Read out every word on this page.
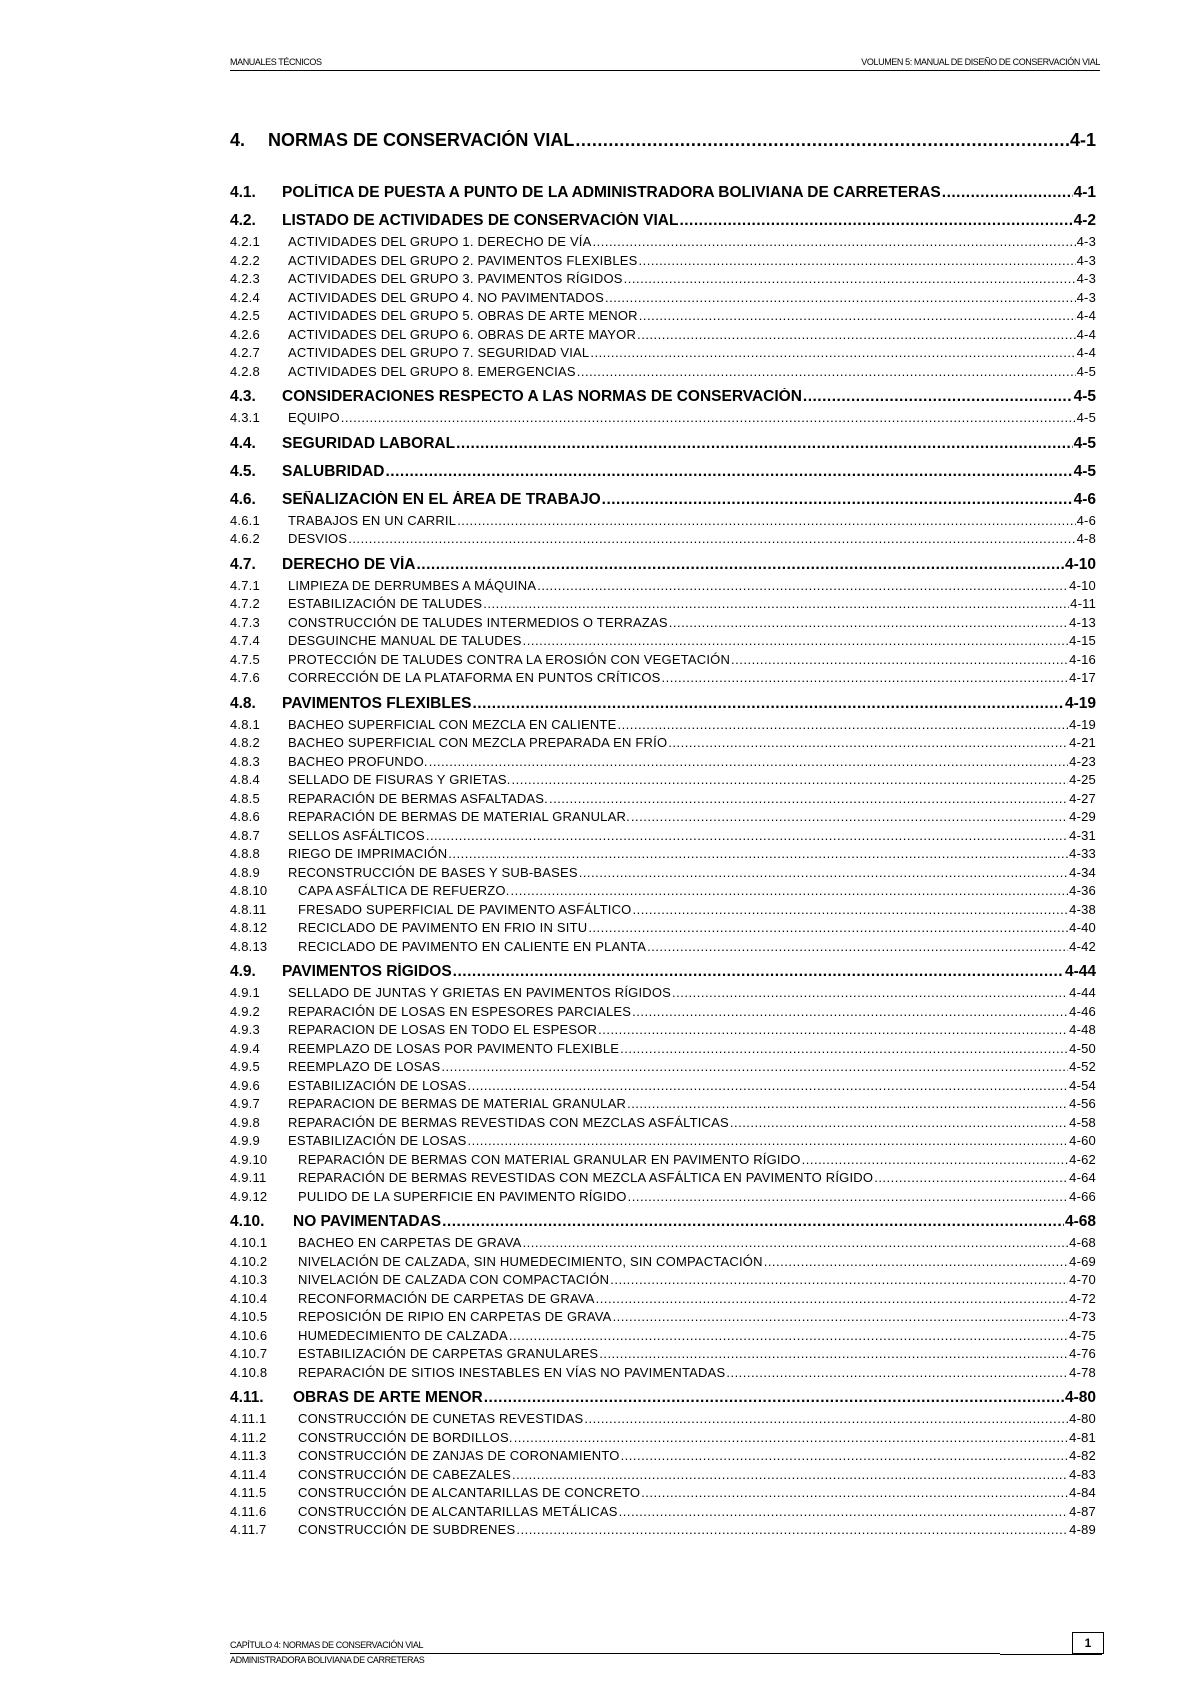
MANUALES TÉCNICOS	VOLUMEN 5: MANUAL DE DISEÑO DE CONSERVACIÓN VIAL
4.	NORMAS DE CONSERVACIÓN VIAL .....	4-1
4.1.	POLÍTICA DE PUESTA A PUNTO DE LA ADMINISTRADORA BOLIVIANA DE CARRETERAS .....	4-1
4.2.	LISTADO DE ACTIVIDADES DE CONSERVACIÓN VIAL .....	4-2
4.2.1	ACTIVIDADES DEL GRUPO 1. DERECHO DE VÍA .....	4-3
4.2.2	ACTIVIDADES DEL GRUPO 2. PAVIMENTOS FLEXIBLES .....	4-3
4.2.3	ACTIVIDADES DEL GRUPO 3. PAVIMENTOS RÍGIDOS .....	4-3
4.2.4	ACTIVIDADES DEL GRUPO 4. NO PAVIMENTADOS .....	4-3
4.2.5	ACTIVIDADES DEL GRUPO 5. OBRAS DE ARTE MENOR .....	4-4
4.2.6	ACTIVIDADES DEL GRUPO 6. OBRAS DE ARTE MAYOR .....	4-4
4.2.7	ACTIVIDADES DEL GRUPO 7. SEGURIDAD VIAL .....	4-4
4.2.8	ACTIVIDADES DEL GRUPO 8. EMERGENCIAS .....	4-5
4.3.	CONSIDERACIONES RESPECTO A LAS NORMAS DE CONSERVACIÓN .....	4-5
4.3.1	EQUIPO .....	4-5
4.4.	SEGURIDAD LABORAL .....	4-5
4.5.	SALUBRIDAD .....	4-5
4.6.	SEÑALIZACIÓN EN EL ÁREA DE TRABAJO .....	4-6
4.6.1	TRABAJOS EN UN CARRIL .....	4-6
4.6.2	DESVIOS .....	4-8
4.7.	DERECHO DE VÍA .....	4-10
4.7.1	LIMPIEZA DE DERRUMBES A MÁQUINA .....	4-10
4.7.2	ESTABILIZACIÓN DE TALUDES .....	4-11
4.7.3	CONSTRUCCIÓN DE TALUDES INTERMEDIOS O TERRAZAS .....	4-13
4.7.4	DESGUINCHE MANUAL DE TALUDES .....	4-15
4.7.5	PROTECCIÓN DE TALUDES CONTRA LA EROSIÓN CON VEGETACIÓN .....	4-16
4.7.6	CORRECCIÓN DE LA PLATAFORMA EN PUNTOS CRÍTICOS .....	4-17
4.8.	PAVIMENTOS FLEXIBLES .....	4-19
4.8.1	BACHEO SUPERFICIAL CON MEZCLA EN CALIENTE .....	4-19
4.8.2	BACHEO SUPERFICIAL CON MEZCLA PREPARADA EN FRÍO .....	4-21
4.8.3	BACHEO PROFUNDO. .....	4-23
4.8.4	SELLADO DE FISURAS Y GRIETAS. .....	4-25
4.8.5	REPARACIÓN DE BERMAS ASFALTADAS. .....	4-27
4.8.6	REPARACIÓN DE BERMAS DE MATERIAL GRANULAR. .....	4-29
4.8.7	SELLOS ASFÁLTICOS .....	4-31
4.8.8	RIEGO DE IMPRIMACIÓN .....	4-33
4.8.9	RECONSTRUCCIÓN DE BASES Y SUB-BASES .....	4-34
4.8.10	CAPA ASFÁLTICA DE REFUERZO. .....	4-36
4.8.11	FRESADO SUPERFICIAL DE PAVIMENTO ASFÁLTICO .....	4-38
4.8.12	RECICLADO DE PAVIMENTO EN FRIO IN SITU .....	4-40
4.8.13	RECICLADO DE PAVIMENTO EN CALIENTE EN PLANTA .....	4-42
4.9.	PAVIMENTOS RÍGIDOS .....	4-44
4.9.1	SELLADO DE JUNTAS Y GRIETAS EN PAVIMENTOS RÍGIDOS .....	4-44
4.9.2	REPARACIÓN DE LOSAS EN ESPESORES PARCIALES .....	4-46
4.9.3	REPARACION DE LOSAS EN TODO EL ESPESOR .....	4-48
4.9.4	REEMPLAZO DE LOSAS POR PAVIMENTO FLEXIBLE .....	4-50
4.9.5	REEMPLAZO DE LOSAS .....	4-52
4.9.6	ESTABILIZACIÓN DE LOSAS .....	4-54
4.9.7	REPARACION DE BERMAS DE MATERIAL GRANULAR .....	4-56
4.9.8	REPARACIÓN DE BERMAS REVESTIDAS CON MEZCLAS ASFÁLTICAS .....	4-58
4.9.9	ESTABILIZACIÓN DE LOSAS .....	4-60
4.9.10	REPARACIÓN DE BERMAS CON MATERIAL GRANULAR EN PAVIMENTO RÍGIDO .....	4-62
4.9.11	REPARACIÓN DE BERMAS REVESTIDAS CON MEZCLA ASFÁLTICA EN PAVIMENTO RÍGIDO .....	4-64
4.9.12	PULIDO DE LA SUPERFICIE EN PAVIMENTO RÍGIDO .....	4-66
4.10.	NO PAVIMENTADAS .....	4-68
4.10.1	BACHEO EN CARPETAS DE GRAVA .....	4-68
4.10.2	NIVELACIÓN DE CALZADA, SIN HUMEDECIMIENTO, SIN COMPACTACIÓN .....	4-69
4.10.3	NIVELACIÓN DE CALZADA CON COMPACTACIÓN .....	4-70
4.10.4	RECONFORMACIÓN DE CARPETAS DE GRAVA .....	4-72
4.10.5	REPOSICIÓN DE RIPIO EN CARPETAS DE GRAVA .....	4-73
4.10.6	HUMEDECIMIENTO DE CALZADA .....	4-75
4.10.7	ESTABILIZACIÓN DE CARPETAS GRANULARES .....	4-76
4.10.8	REPARACIÓN DE SITIOS INESTABLES EN VÍAS NO PAVIMENTADAS .....	4-78
4.11.	OBRAS DE ARTE MENOR .....	4-80
4.11.1	CONSTRUCCIÓN DE CUNETAS REVESTIDAS .....	4-80
4.11.2	CONSTRUCCIÓN DE BORDILLOS. .....	4-81
4.11.3	CONSTRUCCIÓN DE ZANJAS DE CORONAMIENTO .....	4-82
4.11.4	CONSTRUCCIÓN DE CABEZALES .....	4-83
4.11.5	CONSTRUCCIÓN DE ALCANTARILLAS DE CONCRETO .....	4-84
4.11.6	CONSTRUCCIÓN DE ALCANTARILLAS METÁLICAS .....	4-87
4.11.7	CONSTRUCCIÓN DE SUBDRENES .....	4-89
CAPÍTULO 4: NORMAS DE CONSERVACIÓN VIAL
ADMINISTRADORA BOLIVIANA DE CARRETERAS
1
